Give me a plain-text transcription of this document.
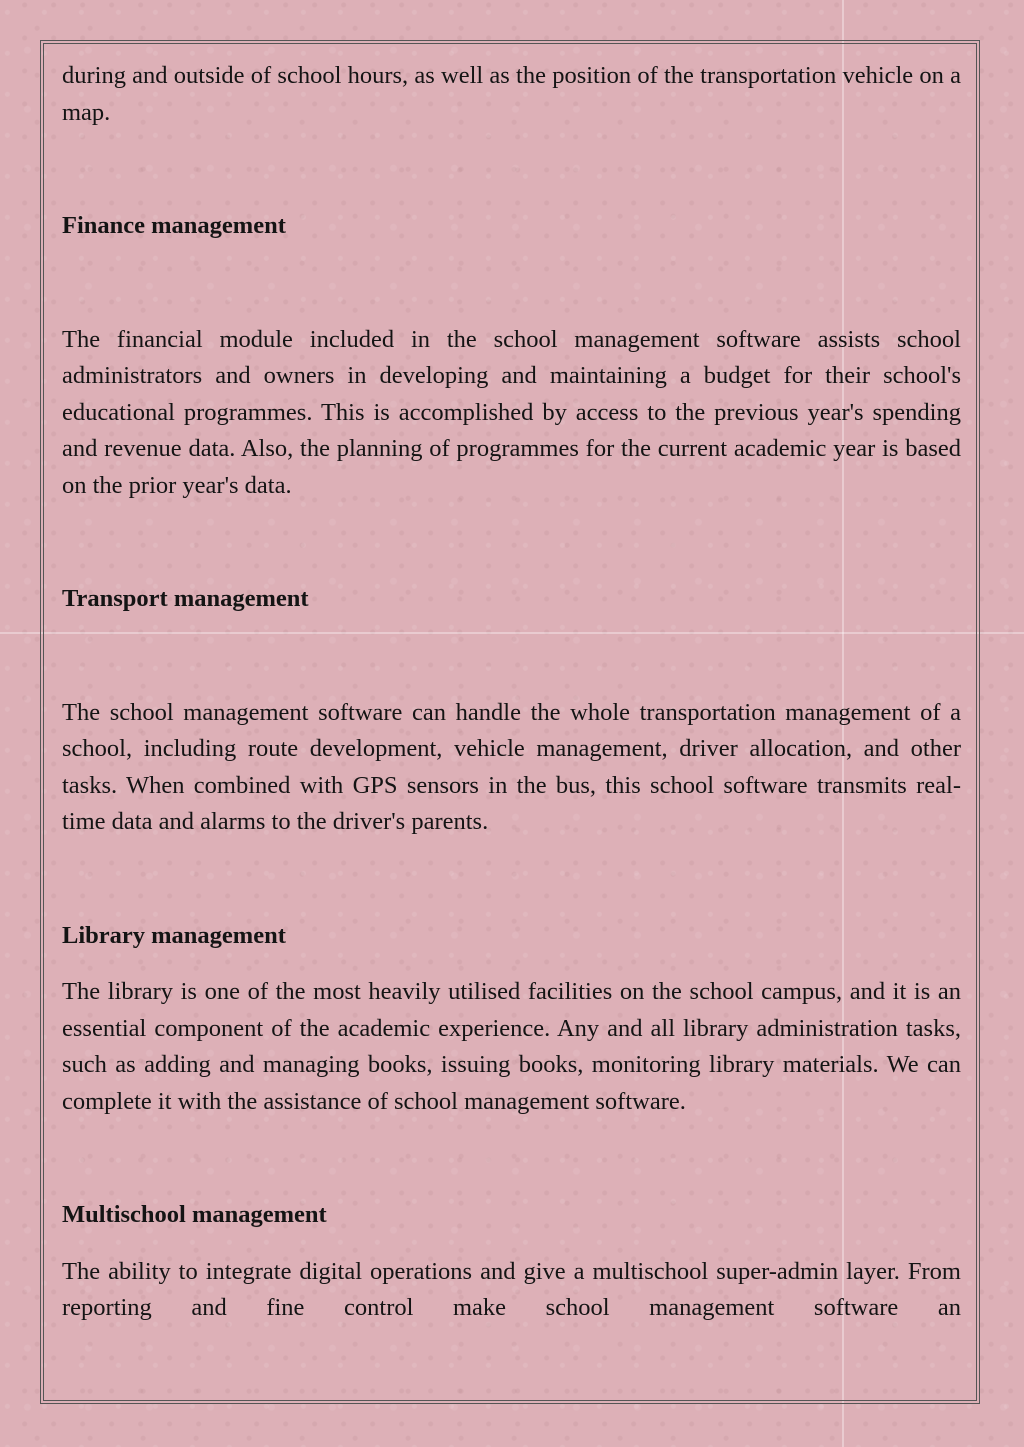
during and outside of school hours, as well as the position of the transportation vehicle on a map.

Finance management

The financial module included in the school management software assists school administrators and owners in developing and maintaining a budget for their school's educational programmes. This is accomplished by access to the previous year's spending and revenue data. Also, the planning of programmes for the current academic year is based on the prior year's data.

Transport management

The school management software can handle the whole transportation management of a school, including route development, vehicle management, driver allocation, and other tasks. When combined with GPS sensors in the bus, this school software transmits real-time data and alarms to the driver's parents.

Library management

The library is one of the most heavily utilised facilities on the school campus, and it is an essential component of the academic experience. Any and all library administration tasks, such as adding and managing books, issuing books, monitoring library materials. We can complete it with the assistance of school management software.

Multischool management

The ability to integrate digital operations and give a multischool super-admin layer. From reporting and fine control make school management software an
